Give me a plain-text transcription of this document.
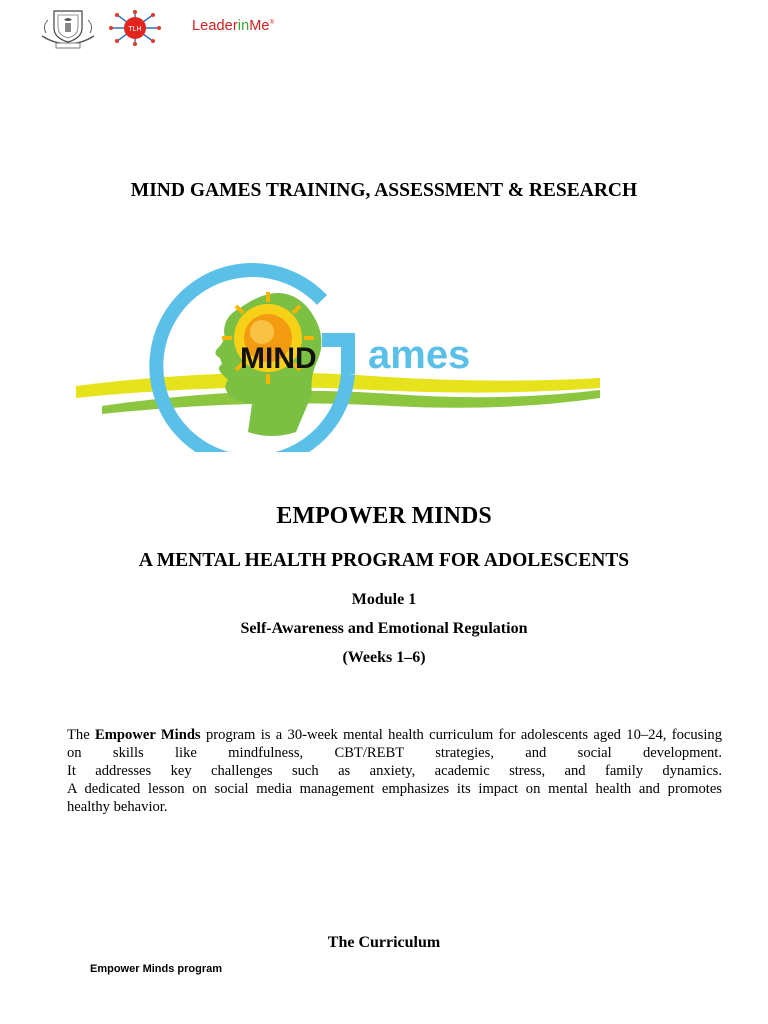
TLH	LeaderinMe®
MIND GAMES TRAINING, ASSESSMENT & RESEARCH
MIND ames
EMPOWER MINDS
A MENTAL HEALTH PROGRAM FOR ADOLESCENTS
Module 1
Self-Awareness and Emotional Regulation
(Weeks 1–6)
The Empower Minds program is a 30-week mental health curriculum for adolescents aged 10–24, focusing
on skills like mindfulness, CBT/REBT strategies, and social development.
It addresses key challenges such as anxiety, academic stress, and family dynamics.
A dedicated lesson on social media management emphasizes its impact on mental health and promotes
healthy behavior.
The Curriculum
Empower Minds program
